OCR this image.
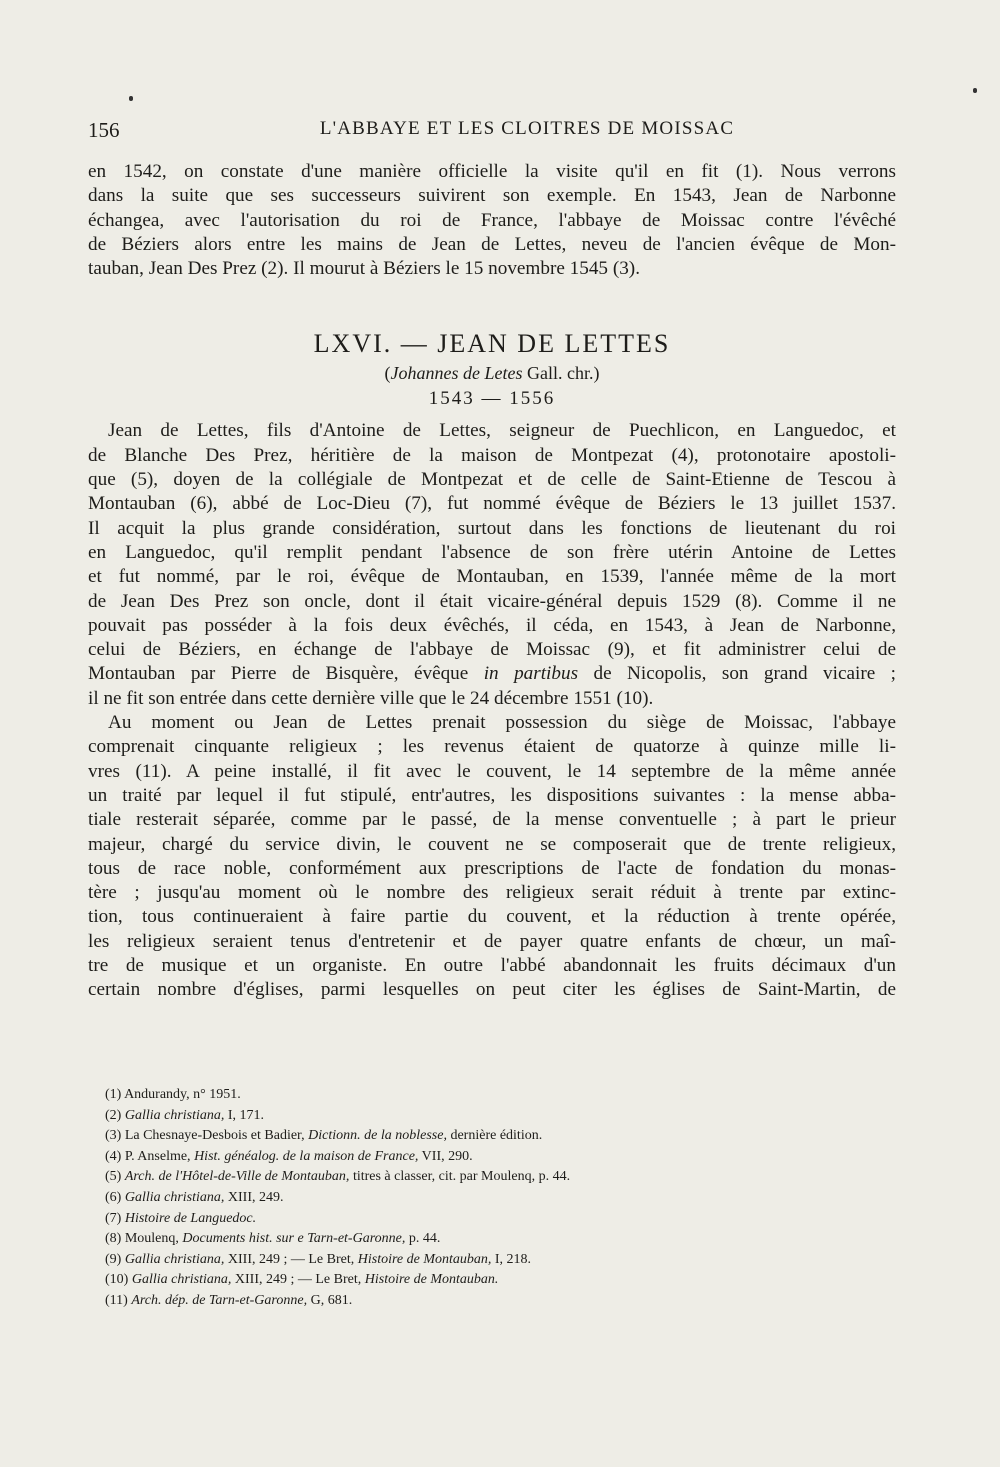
156	L'ABBAYE ET LES CLOITRES DE MOISSAC
en 1542, on constate d'une manière officielle la visite qu'il en fit (1). Nous verrons
dans la suite que ses successeurs suivirent son exemple. En 1543, Jean de Narbonne
échangea, avec l'autorisation du roi de France, l'abbaye de Moissac contre l'évêché
de Béziers alors entre les mains de Jean de Lettes, neveu de l'ancien évêque de Mon-
tauban, Jean Des Prez (2). Il mourut à Béziers le 15 novembre 1545 (3).
LXVI. — JEAN DE LETTES
(Johannes de Letes Gall. chr.)
1543 — 1556
Jean de Lettes, fils d'Antoine de Lettes, seigneur de Puechlicon, en Languedoc, et
de Blanche Des Prez, héritière de la maison de Montpezat (4), protonotaire apostoli-
que (5), doyen de la collégiale de Montpezat et de celle de Saint-Etienne de Tescou à
Montauban (6), abbé de Loc-Dieu (7), fut nommé évêque de Béziers le 13 juillet 1537.
Il acquit la plus grande considération, surtout dans les fonctions de lieutenant du roi
en Languedoc, qu'il remplit pendant l'absence de son frère utérin Antoine de Lettes
et fut nommé, par le roi, évêque de Montauban, en 1539, l'année même de la mort
de Jean Des Prez son oncle, dont il était vicaire-général depuis 1529 (8). Comme il ne
pouvait pas posséder à la fois deux évêchés, il céda, en 1543, à Jean de Narbonne,
celui de Béziers, en échange de l'abbaye de Moissac (9), et fit administrer celui de
Montauban par Pierre de Bisquère, évêque in partibus de Nicopolis, son grand vicaire ;
il ne fit son entrée dans cette dernière ville que le 24 décembre 1551 (10).
Au moment ou Jean de Lettes prenait possession du siège de Moissac, l'abbaye
comprenait cinquante religieux ; les revenus étaient de quatorze à quinze mille li-
vres (11). A peine installé, il fit avec le couvent, le 14 septembre de la même année
un traité par lequel il fut stipulé, entr'autres, les dispositions suivantes : la mense abba-
tiale resterait séparée, comme par le passé, de la mense conventuelle ; à part le prieur
majeur, chargé du service divin, le couvent ne se composerait que de trente religieux,
tous de race noble, conformément aux prescriptions de l'acte de fondation du monas-
tère ; jusqu'au moment où le nombre des religieux serait réduit à trente par extinc-
tion, tous continueraient à faire partie du couvent, et la réduction à trente opérée,
les religieux seraient tenus d'entretenir et de payer quatre enfants de chœur, un maî-
tre de musique et un organiste. En outre l'abbé abandonnait les fruits décimaux d'un
certain nombre d'églises, parmi lesquelles on peut citer les églises de Saint-Martin, de
(1) Andurandy, n° 1951.
(2) Gallia christiana, I, 171.
(3) La Chesnaye-Desbois et Badier, Dictionn. de la noblesse, dernière édition.
(4) P. Anselme, Hist. généalog. de la maison de France, VII, 290.
(5) Arch. de l'Hôtel-de-Ville de Montauban, titres à classer, cit. par Moulenq, p. 44.
(6) Gallia christiana, XIII, 249.
(7) Histoire de Languedoc.
(8) Moulenq, Documents hist. sur e Tarn-et-Garonne, p. 44.
(9) Gallia christiana, XIII, 249 ; — Le Bret, Histoire de Montauban, I, 218.
(10) Gallia christiana, XIII, 249 ; — Le Bret, Histoire de Montauban.
(11) Arch. dép. de Tarn-et-Garonne, G, 681.
